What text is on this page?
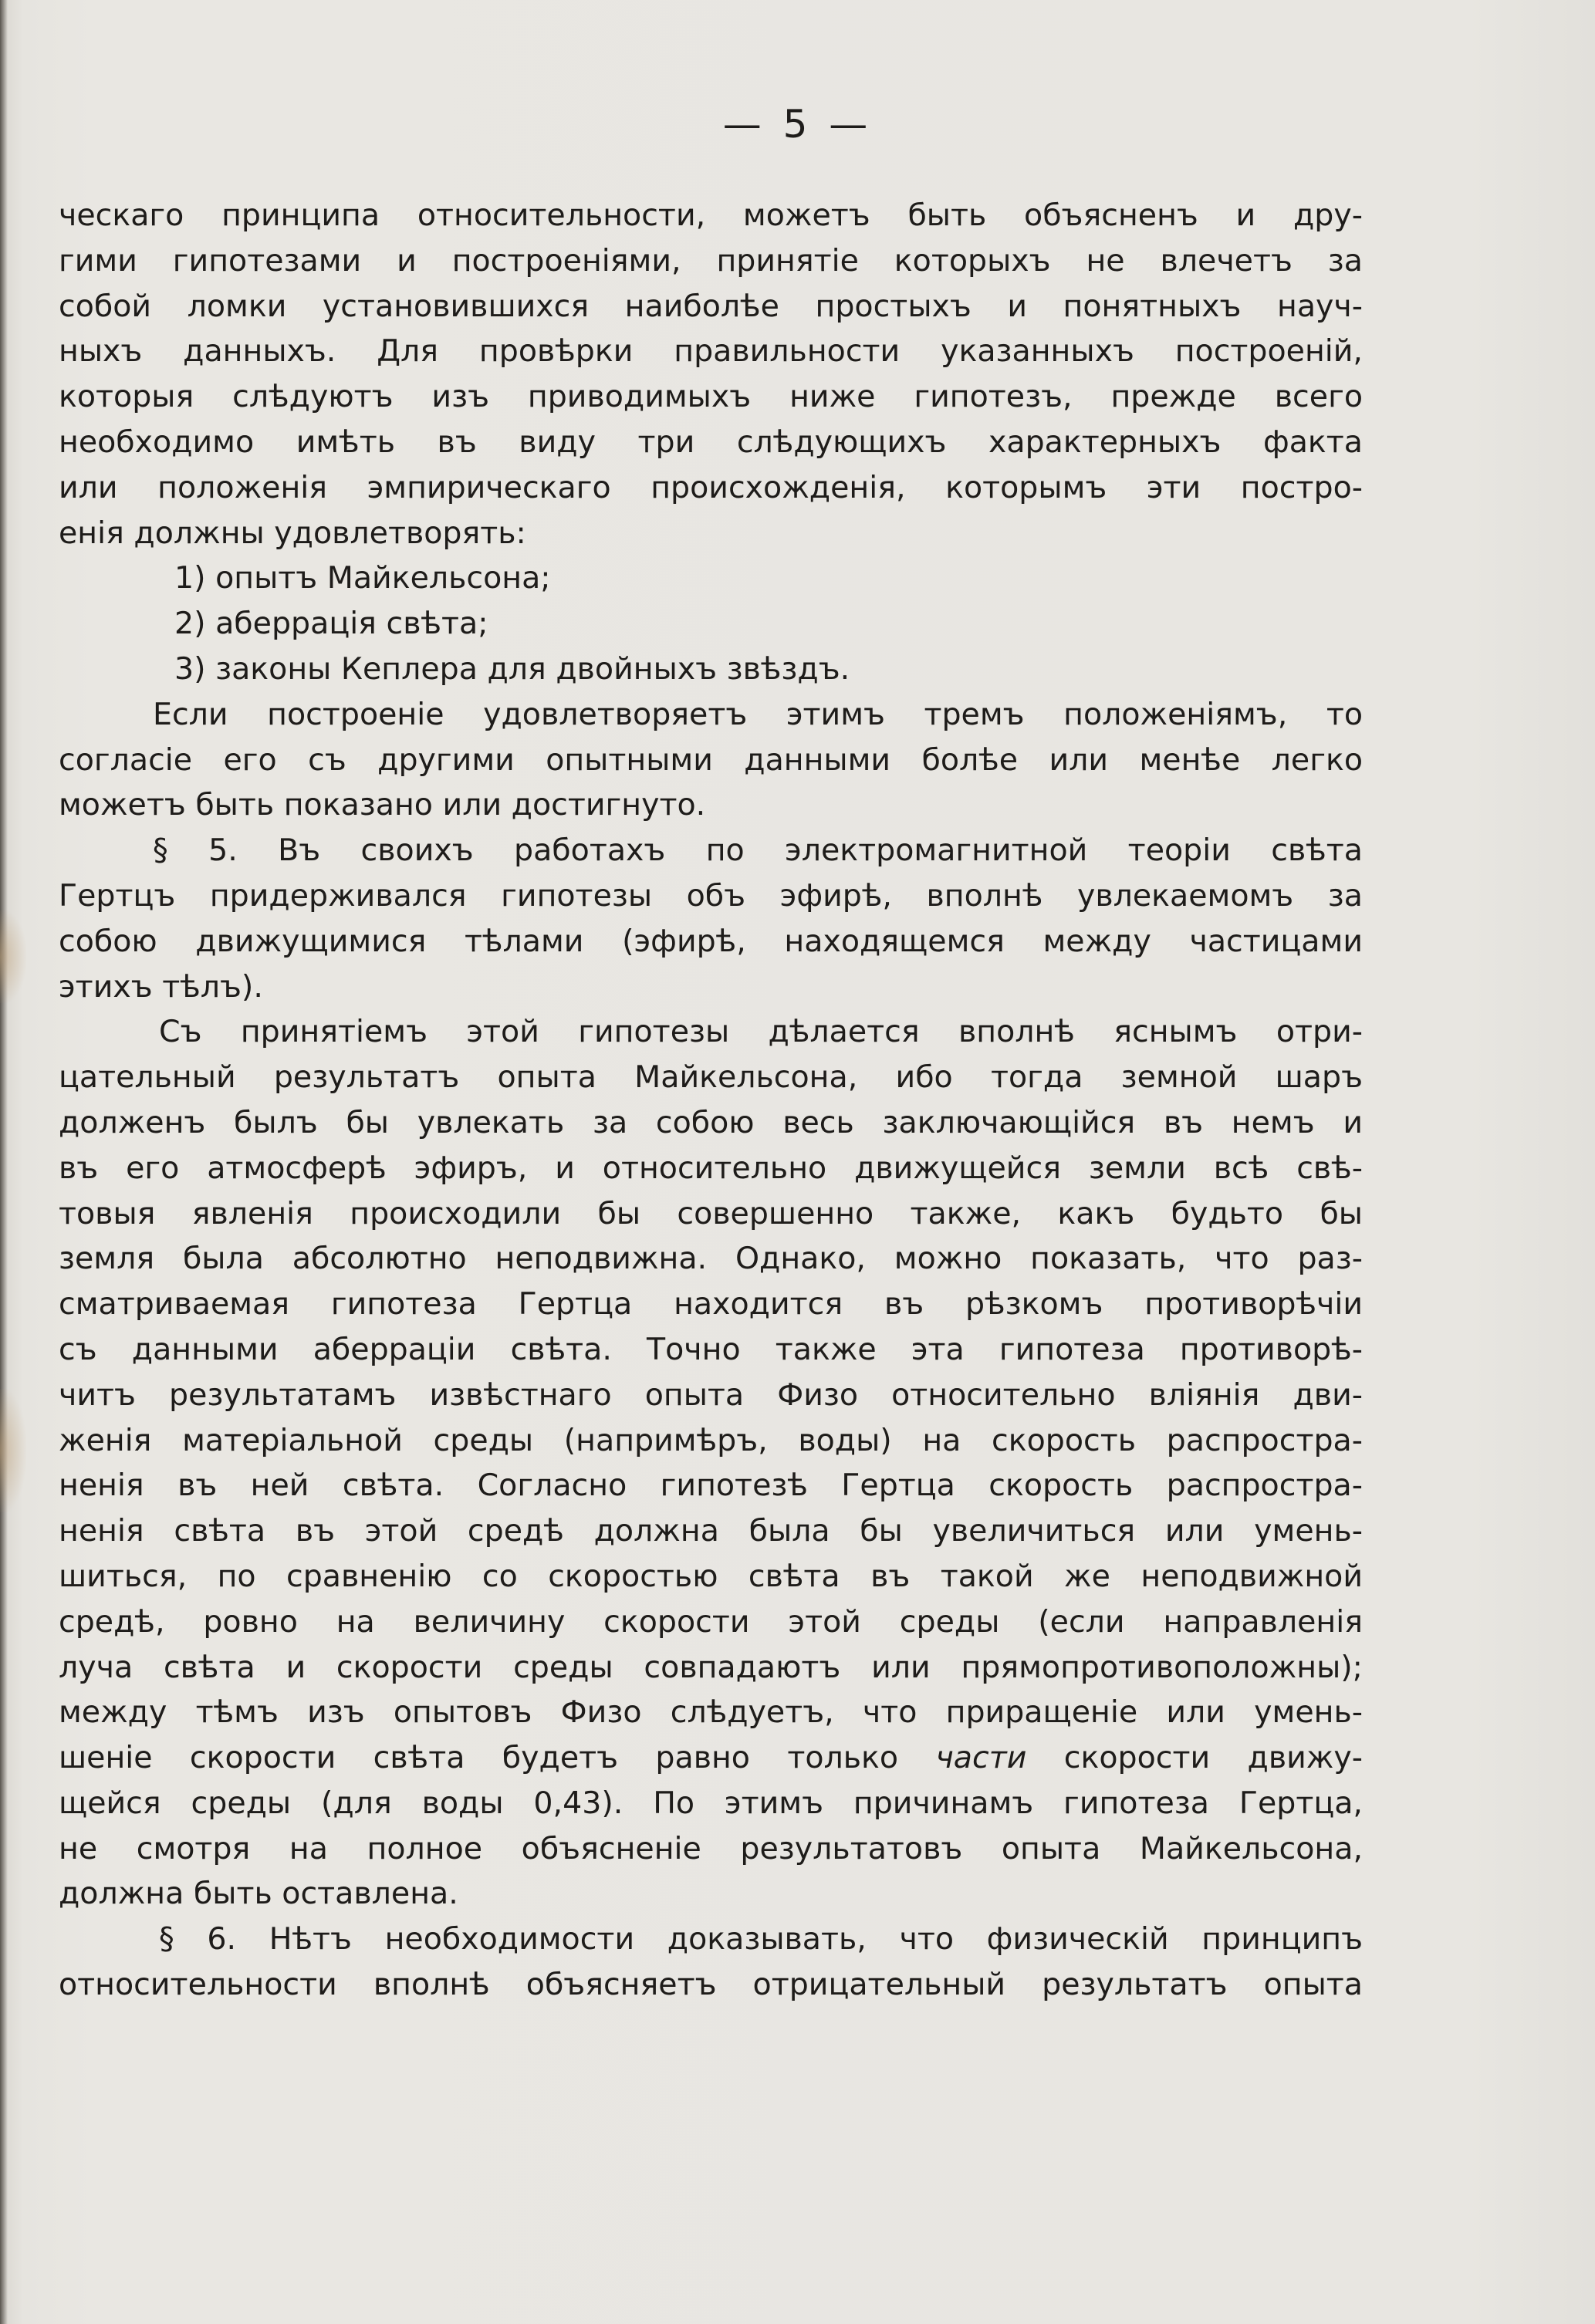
— 5 —
ческаго принципа относительности, можетъ быть объясненъ и дру-
гими гипотезами и построеніями, принятіе которыхъ не влечетъ за
собой ломки установившихся наиболѣе простыхъ и понятныхъ науч-
ныхъ данныхъ. Для провѣрки правильности указанныхъ построеній,
которыя слѣдуютъ изъ приводимыхъ ниже гипотезъ, прежде всего
необходимо имѣть въ виду три слѣдующихъ характерныхъ факта
или положенія эмпирическаго происхожденія, которымъ эти постро-
енія должны удовлетворять:
1) опытъ Майкельсона;
2) аберрація свѣта;
3) законы Кеплера для двойныхъ звѣздъ.
Если построеніе удовлетворяетъ этимъ тремъ положеніямъ, то
согласіе его съ другими опытными данными болѣе или менѣе легко
можетъ быть показано или достигнуто.
§ 5. Въ своихъ работахъ по электромагнитной теоріи свѣта
Гертцъ придерживался гипотезы объ эфирѣ, вполнѣ увлекаемомъ за
собою движущимися тѣлами (эфирѣ, находящемся между частицами
этихъ тѣлъ).
Съ принятіемъ этой гипотезы дѣлается вполнѣ яснымъ отри-
цательный результатъ опыта Майкельсона, ибо тогда земной шаръ
долженъ былъ бы увлекать за собою весь заключающійся въ немъ и
въ его атмосферѣ эфиръ, и относительно движущейся земли всѣ свѣ-
товыя явленія происходили бы совершенно также, какъ будьто бы
земля была абсолютно неподвижна. Однако, можно показать, что раз-
сматриваемая гипотеза Гертца находится въ рѣзкомъ противорѣчіи
съ данными аберраціи свѣта. Точно также эта гипотеза противорѣ-
читъ результатамъ извѣстнаго опыта Физо относительно вліянія дви-
женія матеріальной среды (напримѣръ, воды) на скорость распростра-
ненія въ ней свѣта. Согласно гипотезѣ Гертца скорость распростра-
ненія свѣта въ этой средѣ должна была бы увеличиться или умень-
шиться, по сравненію со скоростью свѣта въ такой же неподвижной
средѣ, ровно на величину скорости этой среды (если направленія
луча свѣта и скорости среды совпадаютъ или прямопротивоположны);
между тѣмъ изъ опытовъ Физо слѣдуетъ, что приращеніе или умень-
шеніе скорости свѣта будетъ равно только части скорости движу-
щейся среды (для воды 0,43). По этимъ причинамъ гипотеза Гертца,
не смотря на полное объясненіе результатовъ опыта Майкельсона,
должна быть оставлена.
§ 6. Нѣтъ необходимости доказывать, что физическій принципъ
относительности вполнѣ объясняетъ отрицательный результатъ опыта
